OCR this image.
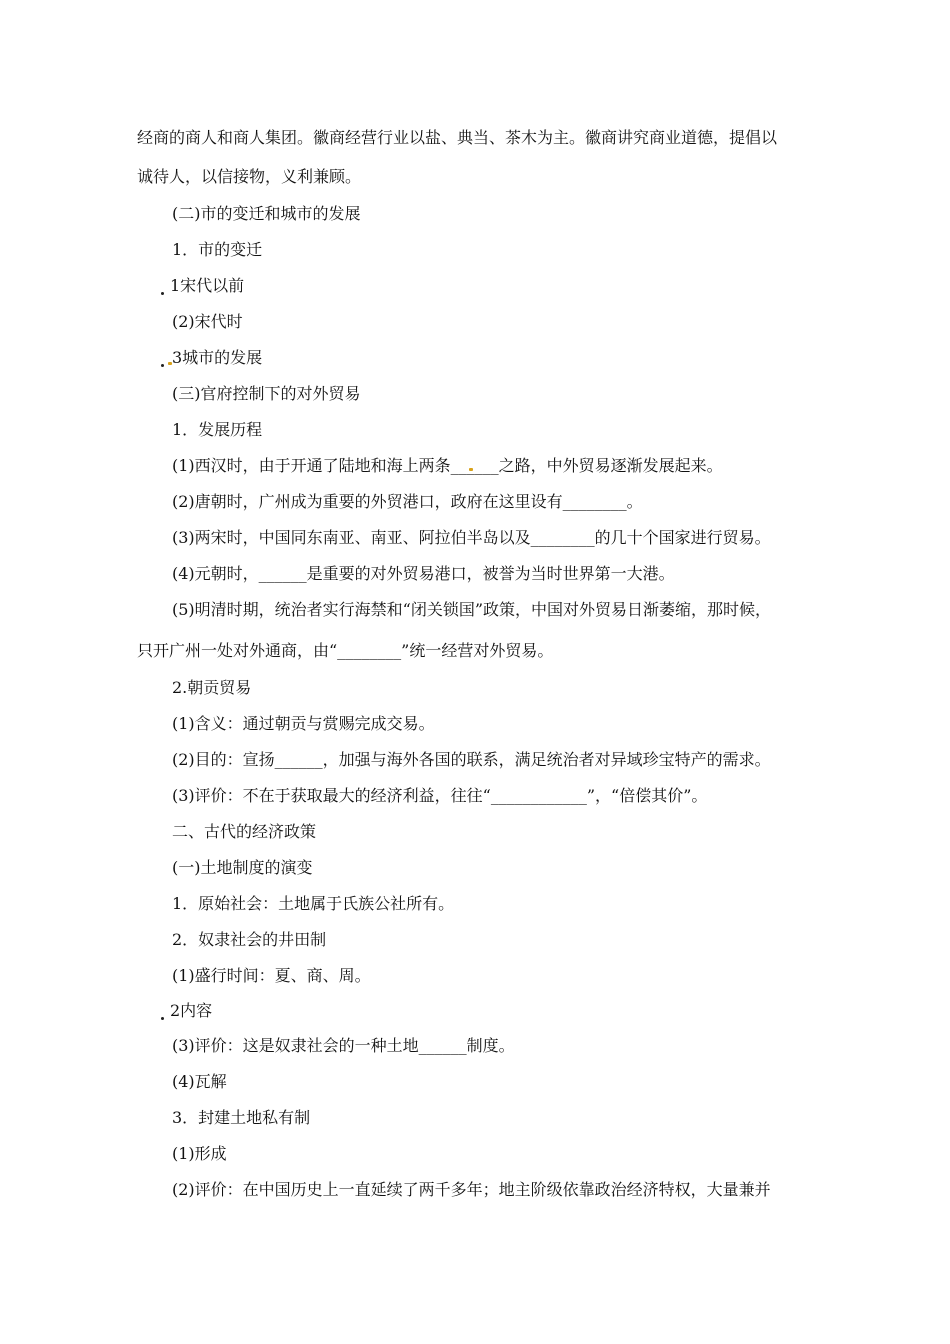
经商的商人和商人集团。徽商经营行业以盐、典当、茶木为主。徽商讲究商业道德，提倡以
诚待人，以信接物，义利兼顾。
(二)市的变迁和城市的发展
1．市的变迁
1宋代以前
(2)宋代时
3城市的发展
(三)官府控制下的对外贸易
1．发展历程
(1)西汉时，由于开通了陆地和海上两条______之路，中外贸易逐渐发展起来。
(2)唐朝时，广州成为重要的外贸港口，政府在这里设有________。
(3)两宋时，中国同东南亚、南亚、阿拉伯半岛以及________的几十个国家进行贸易。
(4)元朝时，______是重要的对外贸易港口，被誉为当时世界第一大港。
(5)明清时期，统治者实行海禁和“闭关锁国”政策，中国对外贸易日渐萎缩，那时候，
只开广州一处对外通商，由“________”统一经营对外贸易。
2.朝贡贸易
(1)含义：通过朝贡与赏赐完成交易。
(2)目的：宣扬______，加强与海外各国的联系，满足统治者对异域珍宝特产的需求。
(3)评价：不在于获取最大的经济利益，往往“____________”，“倍偿其价”。
二、古代的经济政策
(一)土地制度的演变
1．原始社会：土地属于氏族公社所有。
2．奴隶社会的井田制
(1)盛行时间：夏、商、周。
2内容
(3)评价：这是奴隶社会的一种土地______制度。
(4)瓦解
3．封建土地私有制
(1)形成
(2)评价：在中国历史上一直延续了两千多年；地主阶级依靠政治经济特权，大量兼并
